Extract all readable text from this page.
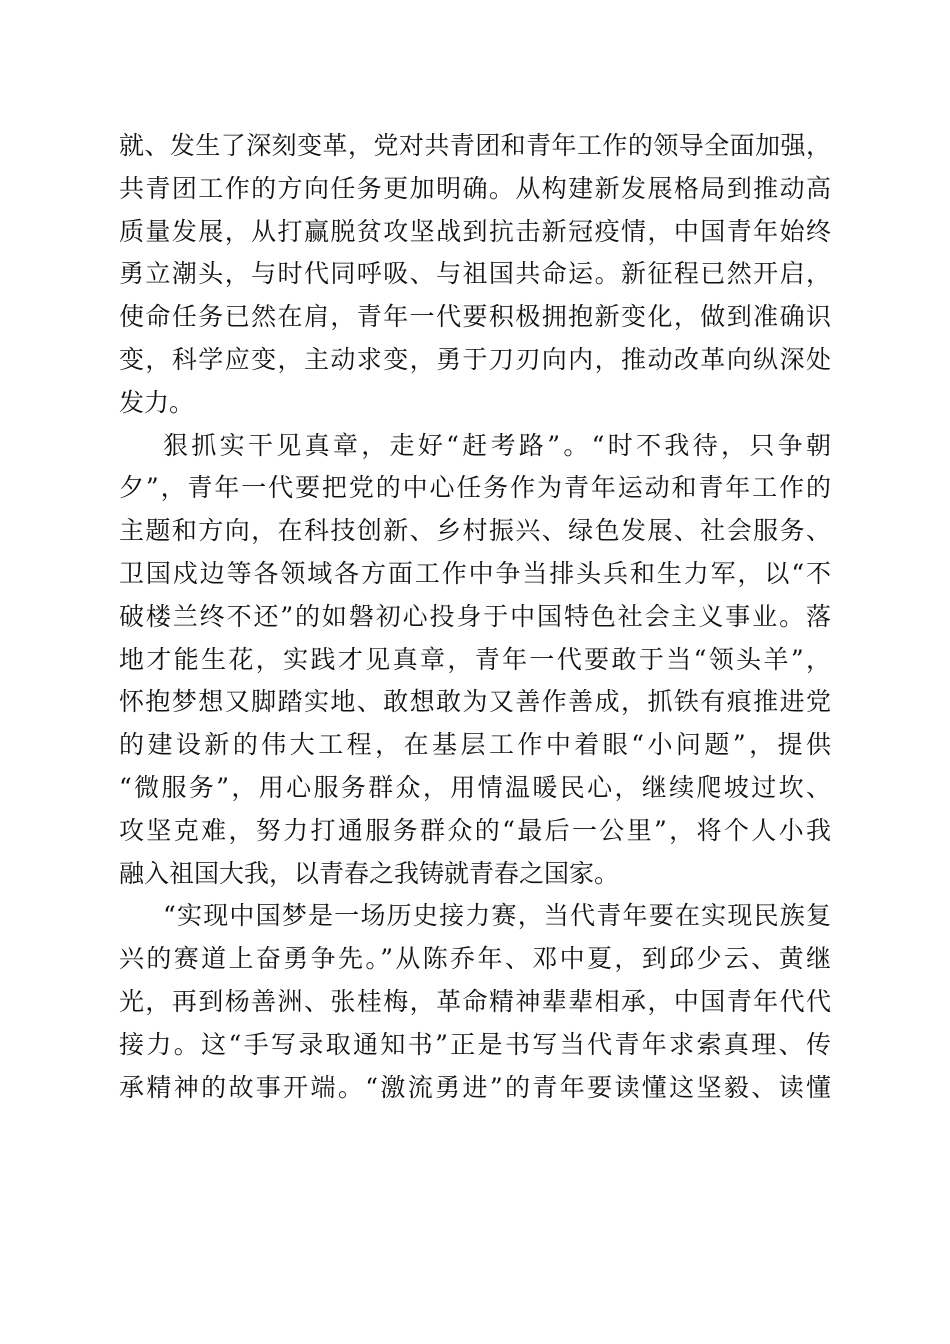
就、发生了深刻变革，党对共青团和青年工作的领导全面加强，
共青团工作的方向任务更加明确。从构建新发展格局到推动高
质量发展，从打赢脱贫攻坚战到抗击新冠疫情，中国青年始终
勇立潮头，与时代同呼吸、与祖国共命运。新征程已然开启，
使命任务已然在肩，青年一代要积极拥抱新变化，做到准确识
变，科学应变，主动求变，勇于刀刃向内，推动改革向纵深处
发力。
狠抓实干见真章，走好“赶考路”。“时不我待，只争朝
夕”，青年一代要把党的中心任务作为青年运动和青年工作的
主题和方向，在科技创新、乡村振兴、绿色发展、社会服务、
卫国戍边等各领域各方面工作中争当排头兵和生力军，以“不
破楼兰终不还”的如磐初心投身于中国特色社会主义事业。落
地才能生花，实践才见真章，青年一代要敢于当“领头羊”，
怀抱梦想又脚踏实地、敢想敢为又善作善成，抓铁有痕推进党
的建设新的伟大工程，在基层工作中着眼“小问题”，提供
“微服务”，用心服务群众，用情温暖民心，继续爬坡过坎、
攻坚克难，努力打通服务群众的“最后一公里”，将个人小我
融入祖国大我，以青春之我铸就青春之国家。
“实现中国梦是一场历史接力赛，当代青年要在实现民族复
兴的赛道上奋勇争先。”从陈乔年、邓中夏，到邱少云、黄继
光，再到杨善洲、张桂梅，革命精神辈辈相承，中国青年代代
接力。这“手写录取通知书”正是书写当代青年求索真理、传
承精神的故事开端。“激流勇进”的青年要读懂这坚毅、读懂
